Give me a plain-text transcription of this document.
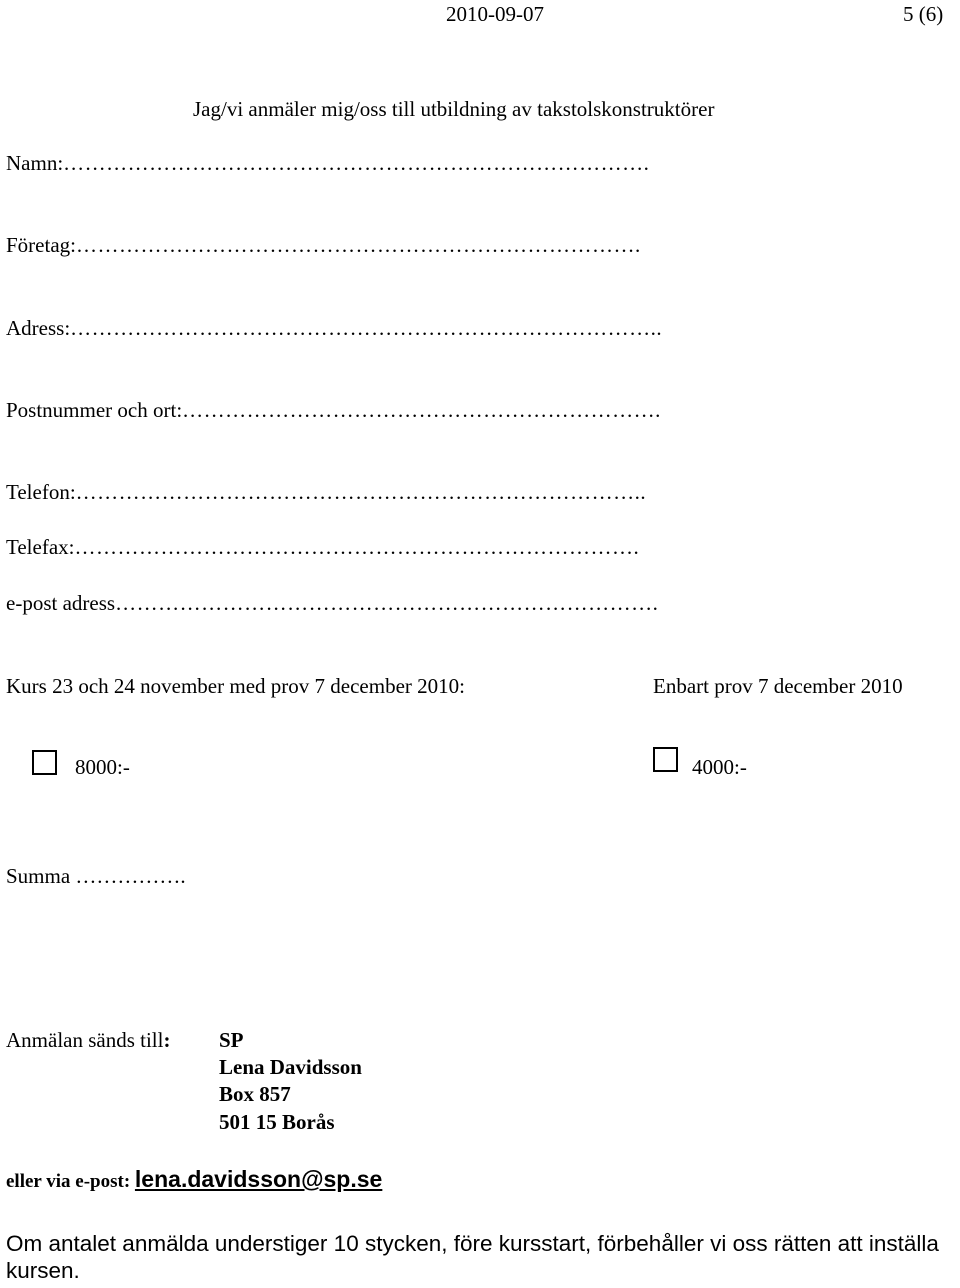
2010-09-07	5 (6)
Jag/vi anmäler mig/oss till utbildning av takstolskonstruktörer
Namn:……………………………………………………………………….
Företag:…………………………………………………………………….
Adress:………………………………………………………………………..
Postnummer och ort:………………………………………………………….
Telefon:……………………………………………………………………..
Telefax:…………………………………………………………………….
e-post adress………………………………………………………………….
Kurs 23 och 24 november med prov 7 december 2010:	Enbart prov 7 december 2010
8000:-	4000:-
Summa …………….
Anmälan sänds till: SP
Lena Davidsson
Box 857
501 15 Borås
eller via e-post: lena.davidsson@sp.se
Om antalet anmälda understiger 10 stycken, före kursstart, förbehåller vi oss rätten att inställa kursen.
